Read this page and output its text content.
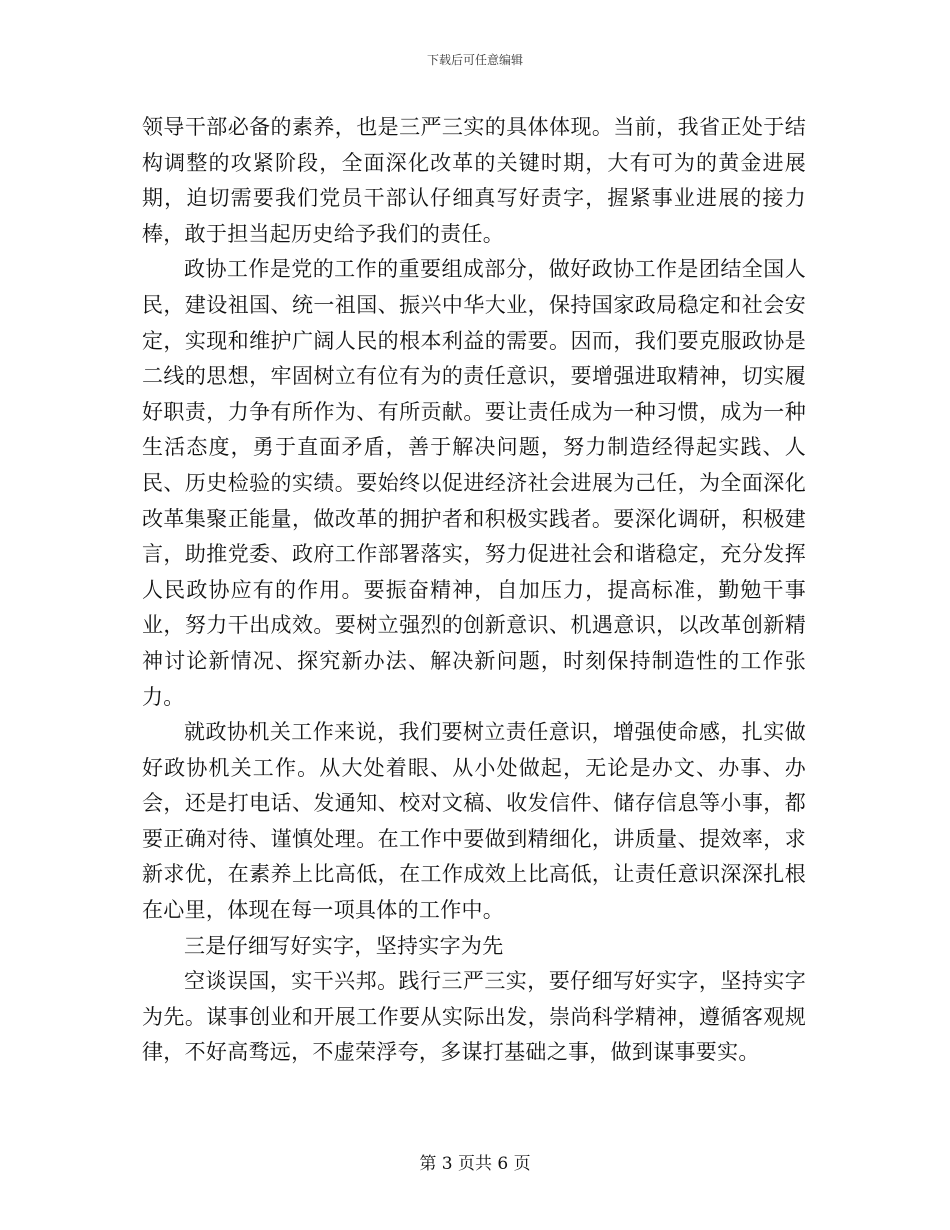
下载后可任意编辑

领导干部必备的素养，也是三严三实的具体体现。当前，我省正处于结构调整的攻紧阶段，全面深化改革的关键时期，大有可为的黄金进展期，迫切需要我们党员干部认仔细真写好责字，握紧事业进展的接力棒，敢于担当起历史给予我们的责任。

政协工作是党的工作的重要组成部分，做好政协工作是团结全国人民，建设祖国、统一祖国、振兴中华大业，保持国家政局稳定和社会安定，实现和维护广阔人民的根本利益的需要。因而，我们要克服政协是二线的思想，牢固树立有位有为的责任意识，要增强进取精神，切实履好职责，力争有所作为、有所贡献。要让责任成为一种习惯，成为一种生活态度，勇于直面矛盾，善于解决问题，努力制造经得起实践、人民、历史检验的实绩。要始终以促进经济社会进展为己任，为全面深化改革集聚正能量，做改革的拥护者和积极实践者。要深化调研，积极建言，助推党委、政府工作部署落实，努力促进社会和谐稳定，充分发挥人民政协应有的作用。要振奋精神，自加压力，提高标准，勤勉干事业，努力干出成效。要树立强烈的创新意识、机遇意识，以改革创新精神讨论新情况、探究新办法、解决新问题，时刻保持制造性的工作张力。

就政协机关工作来说，我们要树立责任意识，增强使命感，扎实做好政协机关工作。从大处着眼、从小处做起，无论是办文、办事、办会，还是打电话、发通知、校对文稿、收发信件、储存信息等小事，都要正确对待、谨慎处理。在工作中要做到精细化，讲质量、提效率，求新求优，在素养上比高低，在工作成效上比高低，让责任意识深深扎根在心里，体现在每一项具体的工作中。

三是仔细写好实字，坚持实字为先

空谈误国，实干兴邦。践行三严三实，要仔细写好实字，坚持实字为先。谋事创业和开展工作要从实际出发，崇尚科学精神，遵循客观规律，不好高骛远，不虚荣浮夸，多谋打基础之事，做到谋事要实。

第 3 页共 6 页
